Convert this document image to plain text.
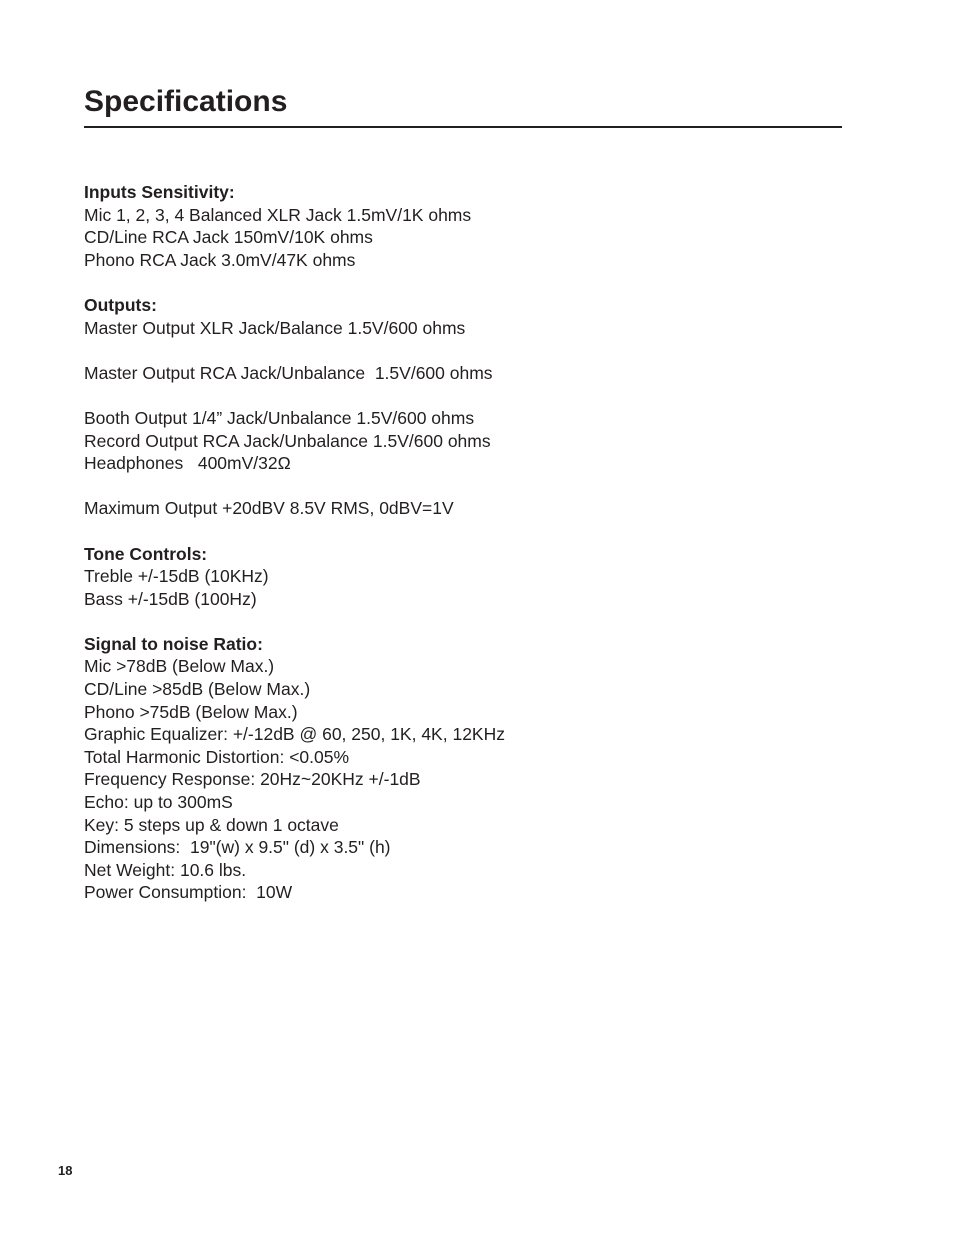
Specifications
Inputs Sensitivity:
Mic 1, 2, 3, 4 Balanced XLR Jack 1.5mV/1K ohms
CD/Line RCA Jack 150mV/10K ohms
Phono RCA Jack 3.0mV/47K ohms
Outputs:
Master Output XLR Jack/Balance 1.5V/600 ohms
Master Output RCA Jack/Unbalance  1.5V/600 ohms
Booth Output 1/4” Jack/Unbalance 1.5V/600 ohms
Record Output RCA Jack/Unbalance 1.5V/600 ohms
Headphones   400mV/32Ω
Maximum Output +20dBV 8.5V RMS, 0dBV=1V
Tone Controls:
Treble +/-15dB (10KHz)
Bass +/-15dB (100Hz)
Signal to noise Ratio:
Mic >78dB (Below Max.)
CD/Line >85dB (Below Max.)
Phono >75dB (Below Max.)
Graphic Equalizer: +/-12dB @ 60, 250, 1K, 4K, 12KHz
Total Harmonic Distortion: <0.05%
Frequency Response: 20Hz~20KHz +/-1dB
Echo: up to 300mS
Key: 5 steps up & down 1 octave
Dimensions:  19"(w) x 9.5" (d) x 3.5" (h)
Net Weight: 10.6 lbs.
Power Consumption:  10W
18
